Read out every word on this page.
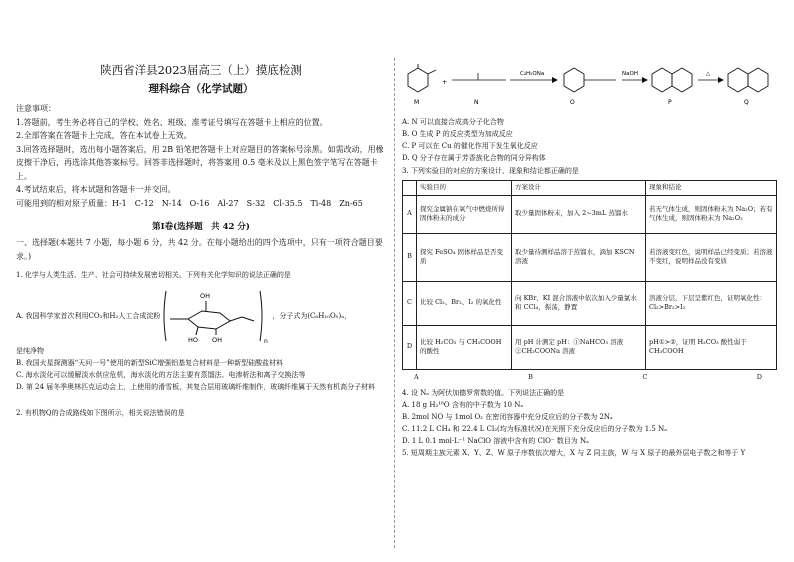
陕西省洋县2023届高三（上）摸底检测
理科综合（化学试题）
注意事项：
1.答题前，考生务必将自己的学校、姓名、班级、准考证号填写在答题卡上相应的位置。
2.全部答案在答题卡上完成，答在本试卷上无效。
3.回答选择题时，选出每小题答案后，用 2B 铅笔把答题卡上对应题目的答案标号涂黑。如需改动，用橡皮擦干净后，再选涂其他答案标号。回答非选择题时，将答案用 0.5 毫米及以上黑色签字笔写在答题卡上。
4.考试结束后，将本试题和答题卡一并交回。
可能用到的相对原子质量：H-1　C-12　N-14　O-16　Al-27　S-32　Cl-35.5　Ti-48　Zn-65
第Ⅰ卷(选择题　共 42 分)
一、选择题(本题共 7 小题，每小题 6 分，共 42 分。在每小题给出的四个选项中，只有一项符合题目要求。)
1. 化学与人类生活、生产、社会可持续发展密切相关。下列有关化学知识的说法正确的是
A. 我国科学家首次利用CO₂和H₂人工合成淀粉
OH
OH
HO	n
，分子式为(C₆H₁₀O₅)ₙ，
是纯净物
B. 我国火星探测器“天问一号”使用的新型SiC增强铝基复合材料是一种新型硅酸盐材料
C. 海水淡化可以缓解淡水供应危机，海水淡化的方法主要有蒸馏法、电渗析法和离子交换法等
D. 第 24 届冬季奥林匹克运动会上，上使用的滑雪板，其复合层用玻璃纤维制作，玻璃纤维属于天然有机高分子材料
2. 有机物Q的合成路线如下图所示，相关说法错误的是
+
C₂H₅ONa	NaOH	△
M	N	O	P	Q
A. N 可以直接合成高分子化合物
B. O 生成 P 的反应类型为加成反应
C. P 可以在 Cu 的催化作用下发生氧化反应
D. Q 分子存在属于芳香族化合物的同分异构体
3. 下列实验目的对应的方案设计、现象和结论都正确的是
	实验目的	方案设计	现象和结论
A	探究金属钠在氧气中燃烧所得固体粉末的成分	取少量固体粉末，加入 2~3mL 蒸馏水	若无气体生成，则固体粉末为 Na₂O；若有气体生成，则固体粉末为 Na₂O₂
B	探究 FeSO₄ 固体样品是否变质	取少量待测样品溶于蒸馏水，滴加 KSCN 溶液	若溶液变红色，说明样品已经变质；若溶液不变红，说明样品没有变质
C	比较 Cl₂、Br₂、I₂ 的氧化性	向 KBr、KI 混合溶液中依次加入少量氯水和 CCl₄，振荡，静置	溶液分层，下层呈紫红色，证明氧化性：Cl₂>Br₂>I₂
D	比较 H₂CO₃ 与 CH₃COOH 的酸性	用 pH 计测定 pH：①NaHCO₃ 溶液 ②CH₃COONa 溶液	pH①>②，证明 H₂CO₃ 酸性弱于 CH₃COOH
A	B	C	D
4. 设 Nₐ 为阿伏加德罗常数的值。下列说法正确的是
A. 18 g H₂¹⁸O 含有的中子数为 10 Nₐ
B. 2mol NO 与 1mol O₂ 在密闭容器中充分反应后的分子数为 2Nₐ
C. 11.2 L CH₄ 和 22.4 L Cl₂(均为标准状况)在光照下充分反应后的分子数为 1.5 Nₐ
D. 1 L 0.1 mol·L⁻¹ NaClO 溶液中含有的 ClO⁻ 数目为 Nₐ
5. 短周期主族元素 X、Y、Z、W 原子序数依次增大，X 与 Z 同主族，W 与 X 原子的最外层电子数之和等于 Y
